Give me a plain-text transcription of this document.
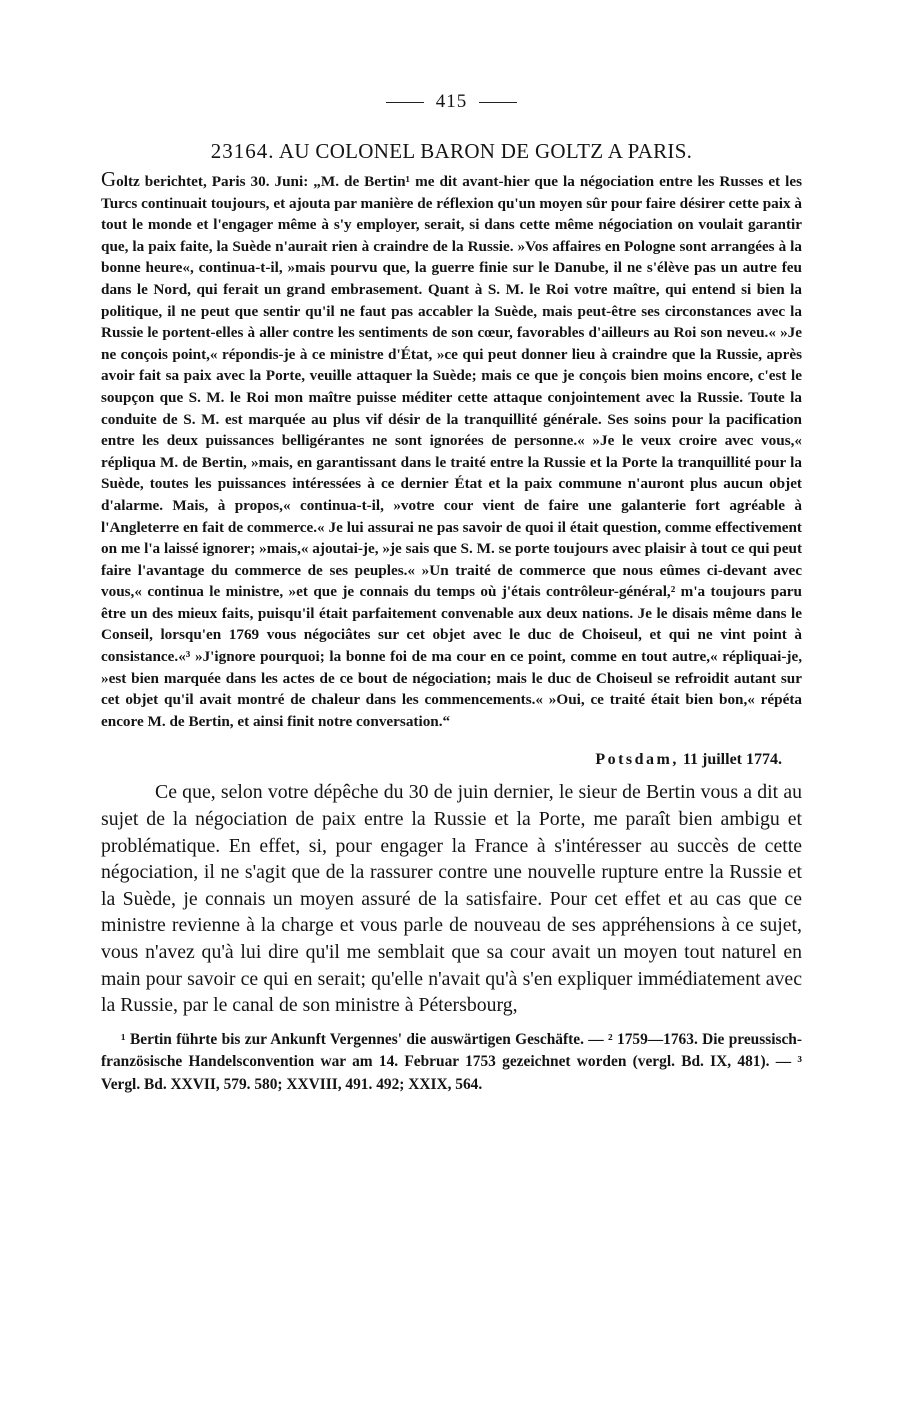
415
23164. AU COLONEL BARON DE GOLTZ A PARIS.

Goltz berichtet, Paris 30. Juni: „M. de Bertin¹ me dit avant-hier que la négociation entre les Russes et les Turcs continuait toujours, et ajouta par manière de réflexion qu'un moyen sûr pour faire désirer cette paix à tout le monde et l'engager même à s'y employer, serait, si dans cette même négociation on voulait garantir que, la paix faite, la Suède n'aurait rien à craindre de la Russie. »Vos affaires en Pologne sont arrangées à la bonne heure«, continua-t-il, »mais pourvu que, la guerre finie sur le Danube, il ne s'élève pas un autre feu dans le Nord, qui ferait un grand embrasement. Quant à S. M. le Roi votre maître, qui entend si bien la politique, il ne peut que sentir qu'il ne faut pas accabler la Suède, mais peut-être ses circonstances avec la Russie le portent-elles à aller contre les sentiments de son cœur, favorables d'ailleurs au Roi son neveu.« »Je ne conçois point,« répondis-je à ce ministre d'État, »ce qui peut donner lieu à craindre que la Russie, après avoir fait sa paix avec la Porte, veuille attaquer la Suède; mais ce que je conçois bien moins encore, c'est le soupçon que S. M. le Roi mon maître puisse méditer cette attaque conjointement avec la Russie. Toute la conduite de S. M. est marquée au plus vif désir de la tranquillité générale. Ses soins pour la pacification entre les deux puissances belligérantes ne sont ignorées de personne.« »Je le veux croire avec vous,« répliqua M. de Bertin, »mais, en garantissant dans le traité entre la Russie et la Porte la tranquillité pour la Suède, toutes les puissances intéressées à ce dernier État et la paix commune n'auront plus aucun objet d'alarme. Mais, à propos,« continua-t-il, »votre cour vient de faire une galanterie fort agréable à l'Angleterre en fait de commerce.« Je lui assurai ne pas savoir de quoi il était question, comme effectivement on me l'a laissé ignorer; »mais,« ajoutai-je, »je sais que S. M. se porte toujours avec plaisir à tout ce qui peut faire l'avantage du commerce de ses peuples.« »Un traité de commerce que nous eûmes ci-devant avec vous,« continua le ministre, »et que je connais du temps où j'étais contrôleur-général,² m'a toujours paru être un des mieux faits, puisqu'il était parfaitement convenable aux deux nations. Je le disais même dans le Conseil, lorsqu'en 1769 vous négociâtes sur cet objet avec le duc de Choiseul, et qui ne vint point à consistance.«³ »J'ignore pourquoi; la bonne foi de ma cour en ce point, comme en tout autre,« répliquai-je, »est bien marquée dans les actes de ce bout de négociation; mais le duc de Choiseul se refroidit autant sur cet objet qu'il avait montré de chaleur dans les commencements.« »Oui, ce traité était bien bon,« répéta encore M. de Bertin, et ainsi finit notre conversation.“

Potsdam, 11 juillet 1774.

Ce que, selon votre dépêche du 30 de juin dernier, le sieur de Bertin vous a dit au sujet de la négociation de paix entre la Russie et la Porte, me paraît bien ambigu et problématique. En effet, si, pour engager la France à s'intéresser au succès de cette négociation, il ne s'agit que de la rassurer contre une nouvelle rupture entre la Russie et la Suède, je connais un moyen assuré de la satisfaire. Pour cet effet et au cas que ce ministre revienne à la charge et vous parle de nouveau de ses appréhensions à ce sujet, vous n'avez qu'à lui dire qu'il me semblait que sa cour avait un moyen tout naturel en main pour savoir ce qui en serait; qu'elle n'avait qu'à s'en expliquer immédiatement avec la Russie, par le canal de son ministre à Pétersbourg,

¹ Bertin führte bis zur Ankunft Vergennes' die auswärtigen Geschäfte. — ² 1759—1763. Die preussisch-französische Handelsconvention war am 14. Februar 1753 gezeichnet worden (vergl. Bd. IX, 481). — ³ Vergl. Bd. XXVII, 579. 580; XXVIII, 491. 492; XXIX, 564.
